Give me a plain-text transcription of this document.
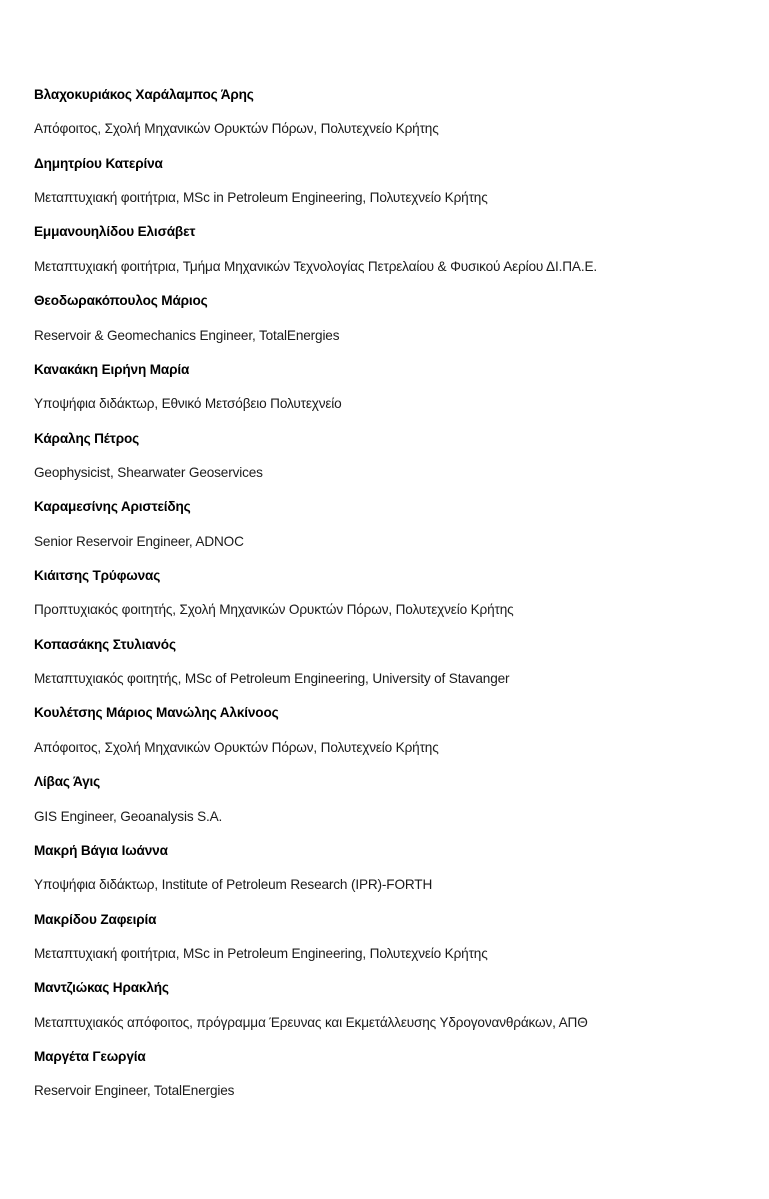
Βλαχοκυριάκος Χαράλαμπος Άρης
Απόφοιτος, Σχολή Μηχανικών Ορυκτών Πόρων, Πολυτεχνείο Κρήτης
Δημητρίου Κατερίνα
Μεταπτυχιακή φοιτήτρια, MSc in Petroleum Engineering, Πολυτεχνείο Κρήτης
Εμμανουηλίδου Ελισάβετ
Μεταπτυχιακή φοιτήτρια, Τμήμα Μηχανικών Τεχνολογίας Πετρελαίου & Φυσικού Αερίου ΔΙ.ΠΑ.Ε.
Θεοδωρακόπουλος Μάριος
Reservoir & Geomechanics Engineer, TotalEnergies
Κανακάκη Ειρήνη Μαρία
Υποψήφια διδάκτωρ, Εθνικό Μετσόβειο Πολυτεχνείο
Κάραλης Πέτρος
Geophysicist, Shearwater Geoservices
Καραμεσίνης Αριστείδης
Senior Reservoir Engineer, ADNOC
Κιάιτσης Τρύφωνας
Προπτυχιακός φοιτητής, Σχολή Μηχανικών Ορυκτών Πόρων, Πολυτεχνείο Κρήτης
Κοπασάκης Στυλιανός
Μεταπτυχιακός φοιτητής, MSc of Petroleum Engineering, University of Stavanger
Κουλέτσης Μάριος Μανώλης Αλκίνοος
Απόφοιτος, Σχολή Μηχανικών Ορυκτών Πόρων, Πολυτεχνείο Κρήτης
Λίβας Άγις
GIS Engineer, Geoanalysis S.A.
Μακρή Βάγια Ιωάννα
Υποψήφια διδάκτωρ, Institute of Petroleum Research (IPR)-FORTH
Μακρίδου Ζαφειρία
Μεταπτυχιακή φοιτήτρια, MSc in Petroleum Engineering, Πολυτεχνείο Κρήτης
Μαντζιώκας Ηρακλής
Μεταπτυχιακός απόφοιτος, πρόγραμμα Έρευνας και Εκμετάλλευσης Υδρογονανθράκων, ΑΠΘ
Μαργέτα Γεωργία
Reservoir Engineer, TotalEnergies
